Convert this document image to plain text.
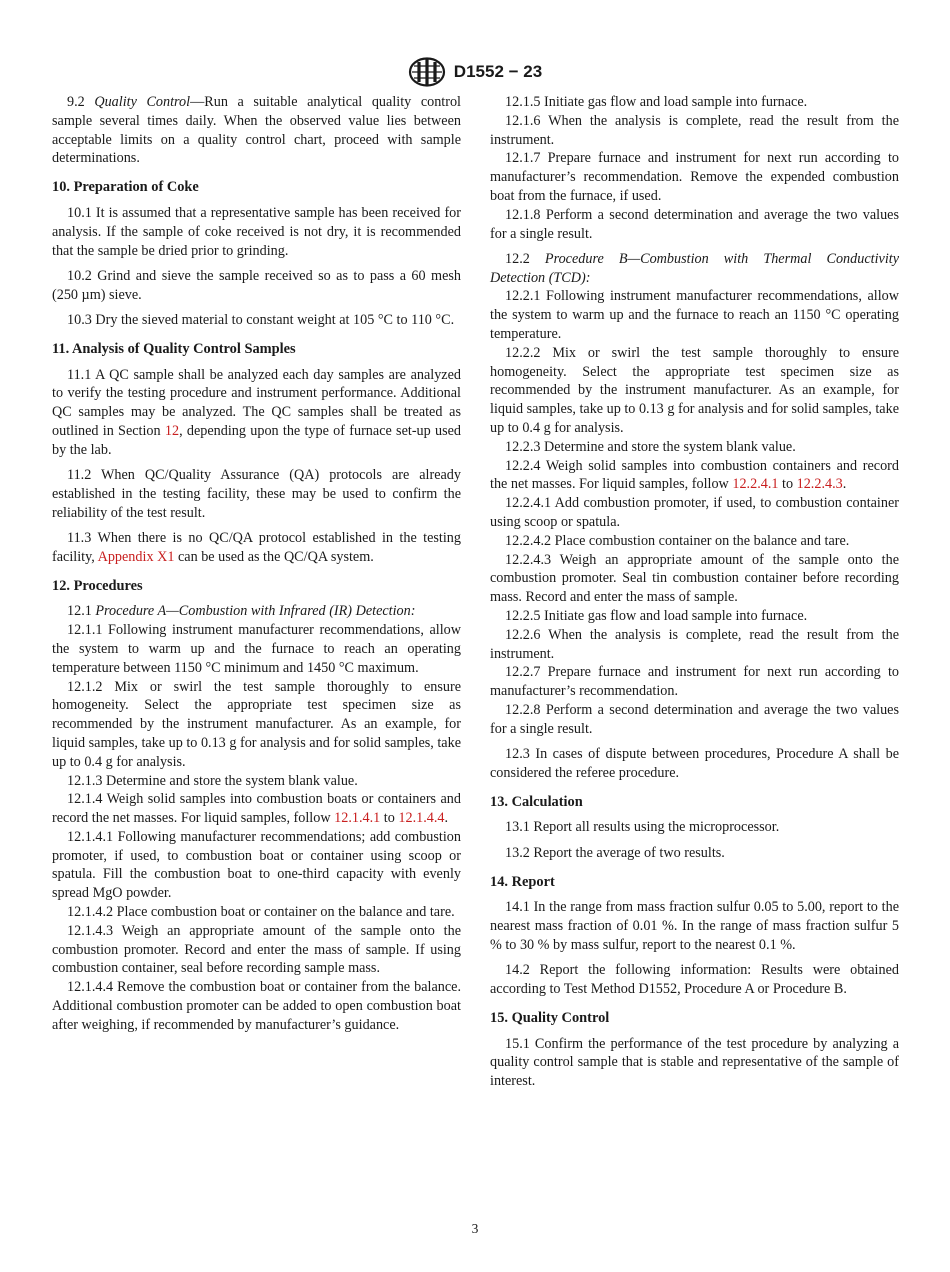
D1552 − 23

9.2 Quality Control—Run a suitable analytical quality control sample several times daily. When the observed value lies between acceptable limits on a quality control chart, proceed with sample determinations.

10. Preparation of Coke

10.1 It is assumed that a representative sample has been received for analysis. If the sample of coke received is not dry, it is recommended that the sample be dried prior to grinding.

10.2 Grind and sieve the sample received so as to pass a 60 mesh (250 µm) sieve.

10.3 Dry the sieved material to constant weight at 105 °C to 110 °C.

11. Analysis of Quality Control Samples

11.1 A QC sample shall be analyzed each day samples are analyzed to verify the testing procedure and instrument performance. Additional QC samples may be analyzed. The QC samples shall be treated as outlined in Section 12, depending upon the type of furnace set-up used by the lab.

11.2 When QC/Quality Assurance (QA) protocols are already established in the testing facility, these may be used to confirm the reliability of the test result.

11.3 When there is no QC/QA protocol established in the testing facility, Appendix X1 can be used as the QC/QA system.

12. Procedures

12.1 Procedure A—Combustion with Infrared (IR) Detection:

12.1.1 Following instrument manufacturer recommendations, allow the system to warm up and the furnace to reach an operating temperature between 1150 °C minimum and 1450 °C maximum.

12.1.2 Mix or swirl the test sample thoroughly to ensure homogeneity. Select the appropriate test specimen size as recommended by the instrument manufacturer. As an example, for liquid samples, take up to 0.13 g for analysis and for solid samples, take up to 0.4 g for analysis.

12.1.3 Determine and store the system blank value.

12.1.4 Weigh solid samples into combustion boats or containers and record the net masses. For liquid samples, follow 12.1.4.1 to 12.1.4.4.

12.1.4.1 Following manufacturer recommendations; add combustion promoter, if used, to combustion boat or container using scoop or spatula. Fill the combustion boat to one-third capacity with evenly spread MgO powder.

12.1.4.2 Place combustion boat or container on the balance and tare.

12.1.4.3 Weigh an appropriate amount of the sample onto the combustion promoter. Record and enter the mass of sample. If using combustion container, seal before recording sample mass.

12.1.4.4 Remove the combustion boat or container from the balance. Additional combustion promoter can be added to open combustion boat after weighing, if recommended by manufacturer’s guidance.

12.1.5 Initiate gas flow and load sample into furnace.

12.1.6 When the analysis is complete, read the result from the instrument.

12.1.7 Prepare furnace and instrument for next run according to manufacturer’s recommendation. Remove the expended combustion boat from the furnace, if used.

12.1.8 Perform a second determination and average the two values for a single result.

12.2 Procedure B—Combustion with Thermal Conductivity Detection (TCD):

12.2.1 Following instrument manufacturer recommendations, allow the system to warm up and the furnace to reach an 1150 °C operating temperature.

12.2.2 Mix or swirl the test sample thoroughly to ensure homogeneity. Select the appropriate test specimen size as recommended by the instrument manufacturer. As an example, for liquid samples, take up to 0.13 g for analysis and for solid samples, take up to 0.4 g for analysis.

12.2.3 Determine and store the system blank value.

12.2.4 Weigh solid samples into combustion containers and record the net masses. For liquid samples, follow 12.2.4.1 to 12.2.4.3.

12.2.4.1 Add combustion promoter, if used, to combustion container using scoop or spatula.

12.2.4.2 Place combustion container on the balance and tare.

12.2.4.3 Weigh an appropriate amount of the sample onto the combustion promoter. Seal tin combustion container before recording mass. Record and enter the mass of sample.

12.2.5 Initiate gas flow and load sample into furnace.

12.2.6 When the analysis is complete, read the result from the instrument.

12.2.7 Prepare furnace and instrument for next run according to manufacturer’s recommendation.

12.2.8 Perform a second determination and average the two values for a single result.

12.3 In cases of dispute between procedures, Procedure A shall be considered the referee procedure.

13. Calculation

13.1 Report all results using the microprocessor.

13.2 Report the average of two results.

14. Report

14.1 In the range from mass fraction sulfur 0.05 to 5.00, report to the nearest mass fraction of 0.01 %. In the range of mass fraction sulfur 5 % to 30 % by mass sulfur, report to the nearest 0.1 %.

14.2 Report the following information: Results were obtained according to Test Method D1552, Procedure A or Procedure B.

15. Quality Control

15.1 Confirm the performance of the test procedure by analyzing a quality control sample that is stable and representative of the sample of interest.

3
